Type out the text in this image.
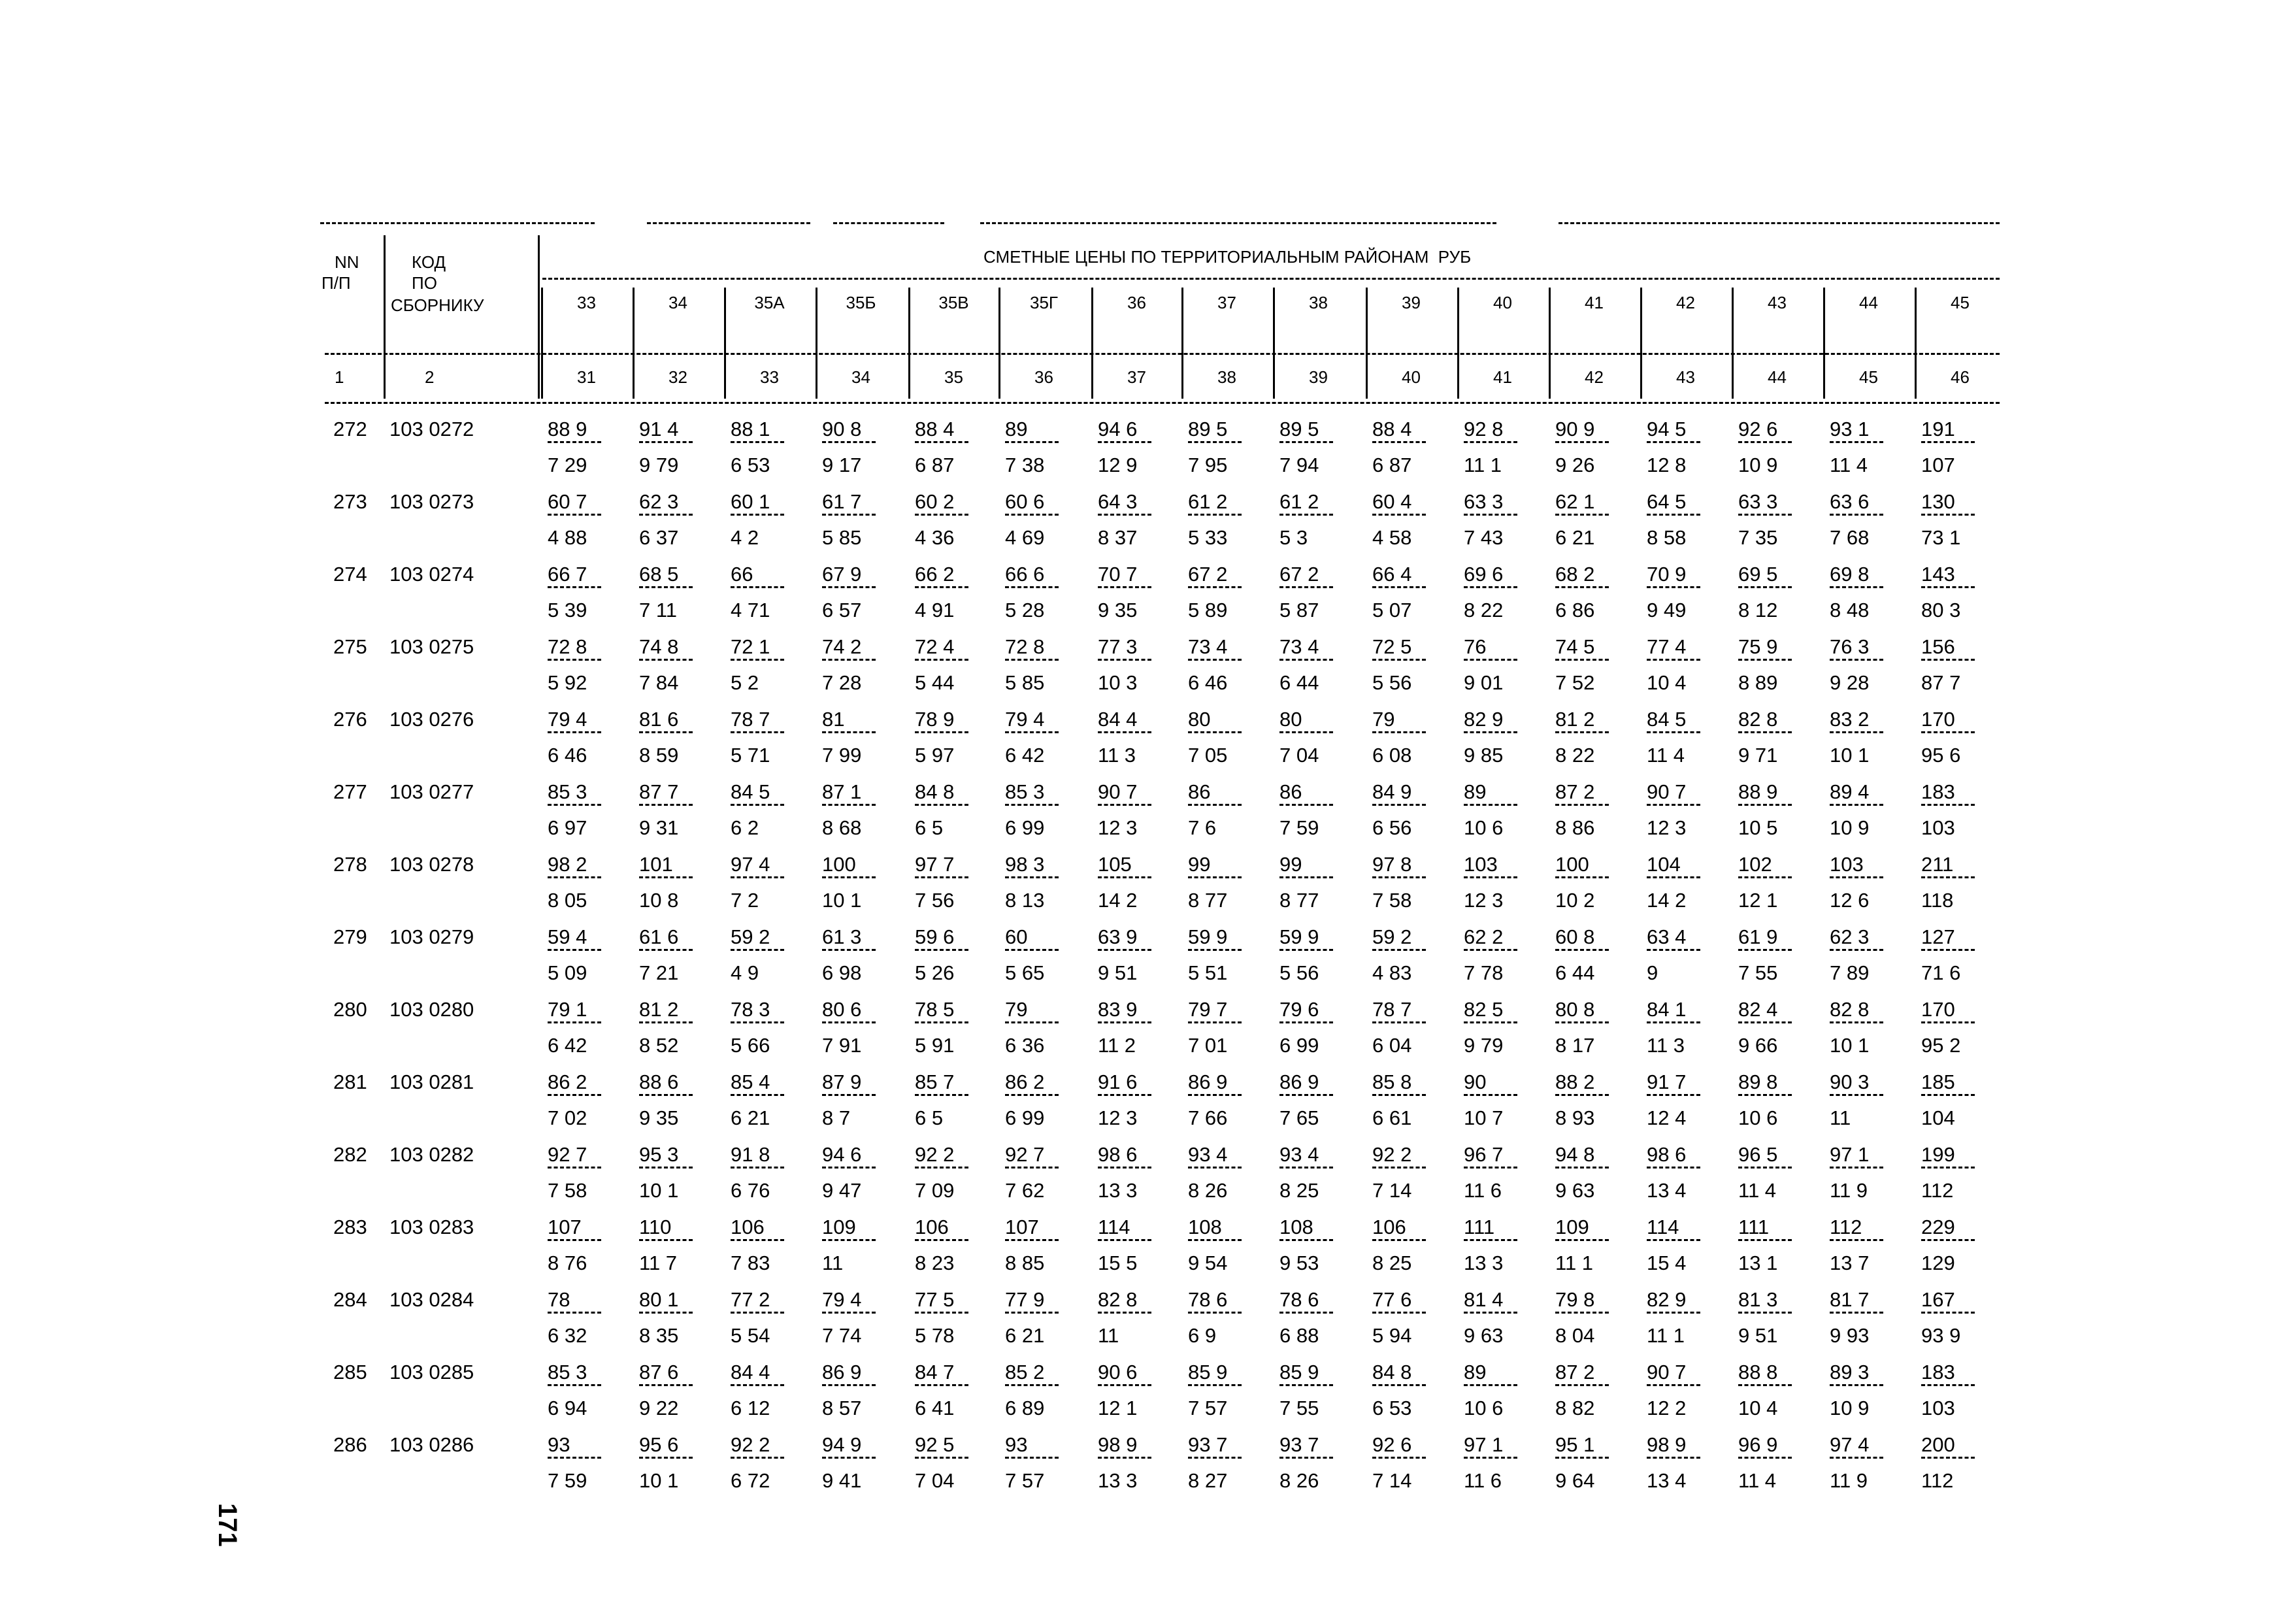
NN
П/П
КОД
ПО
СБОРНИКУ
СМЕТНЫЕ ЦЕНЫ ПО ТЕРРИТОРИАЛЬНЫМ РАЙОНАМ  РУБ
33	34	35А	35Б	35В	35Г	36	37	38	39	40	41	42	43	44	45
1	2	31	32	33	34	35	36	37	38	39	40	41	42	43	44	45	46
272 103 0272	88 9	91 4	88 1	90 8	88 4	89	94 6	89 5	89 5	88 4	92 8	90 9	94 5	92 6	93 1	191
7 29	9 79	6 53	9 17	6 87	7 38	12 9	7 95	7 94	6 87	11 1	9 26	12 8	10 9	11 4	107
273 103 0273	60 7	62 3	60 1	61 7	60 2	60 6	64 3	61 2	61 2	60 4	63 3	62 1	64 5	63 3	63 6	130
4 88	6 37	4 2	5 85	4 36	4 69	8 37	5 33	5 3	4 58	7 43	6 21	8 58	7 35	7 68	73 1
274 103 0274	66 7	68 5	66	67 9	66 2	66 6	70 7	67 2	67 2	66 4	69 6	68 2	70 9	69 5	69 8	143
5 39	7 11	4 71	6 57	4 91	5 28	9 35	5 89	5 87	5 07	8 22	6 86	9 49	8 12	8 48	80 3
275 103 0275	72 8	74 8	72 1	74 2	72 4	72 8	77 3	73 4	73 4	72 5	76	74 5	77 4	75 9	76 3	156
5 92	7 84	5 2	7 28	5 44	5 85	10 3	6 46	6 44	5 56	9 01	7 52	10 4	8 89	9 28	87 7
276 103 0276	79 4	81 6	78 7	81	78 9	79 4	84 4	80	80	79	82 9	81 2	84 5	82 8	83 2	170
6 46	8 59	5 71	7 99	5 97	6 42	11 3	7 05	7 04	6 08	9 85	8 22	11 4	9 71	10 1	95 6
277 103 0277	85 3	87 7	84 5	87 1	84 8	85 3	90 7	86	86	84 9	89	87 2	90 7	88 9	89 4	183
6 97	9 31	6 2	8 68	6 5	6 99	12 3	7 6	7 59	6 56	10 6	8 86	12 3	10 5	10 9	103
278 103 0278	98 2	101	97 4	100	97 7	98 3	105	99	99	97 8	103	100	104	102	103	211
8 05	10 8	7 2	10 1	7 56	8 13	14 2	8 77	8 77	7 58	12 3	10 2	14 2	12 1	12 6	118
279 103 0279	59 4	61 6	59 2	61 3	59 6	60	63 9	59 9	59 9	59 2	62 2	60 8	63 4	61 9	62 3	127
5 09	7 21	4 9	6 98	5 26	5 65	9 51	5 51	5 56	4 83	7 78	6 44	9	7 55	7 89	71 6
280 103 0280	79 1	81 2	78 3	80 6	78 5	79	83 9	79 7	79 6	78 7	82 5	80 8	84 1	82 4	82 8	170
6 42	8 52	5 66	7 91	5 91	6 36	11 2	7 01	6 99	6 04	9 79	8 17	11 3	9 66	10 1	95 2
281 103 0281	86 2	88 6	85 4	87 9	85 7	86 2	91 6	86 9	86 9	85 8	90	88 2	91 7	89 8	90 3	185
7 02	9 35	6 21	8 7	6 5	6 99	12 3	7 66	7 65	6 61	10 7	8 93	12 4	10 6	11	104
282 103 0282	92 7	95 3	91 8	94 6	92 2	92 7	98 6	93 4	93 4	92 2	96 7	94 8	98 6	96 5	97 1	199
7 58	10 1	6 76	9 47	7 09	7 62	13 3	8 26	8 25	7 14	11 6	9 63	13 4	11 4	11 9	112
283 103 0283	107	110	106	109	106	107	114	108	108	106	111	109	114	111	112	229
8 76	11 7	7 83	11	8 23	8 85	15 5	9 54	9 53	8 25	13 3	11 1	15 4	13 1	13 7	129
284 103 0284	78	80 1	77 2	79 4	77 5	77 9	82 8	78 6	78 6	77 6	81 4	79 8	82 9	81 3	81 7	167
6 32	8 35	5 54	7 74	5 78	6 21	11	6 9	6 88	5 94	9 63	8 04	11 1	9 51	9 93	93 9
285 103 0285	85 3	87 6	84 4	86 9	84 7	85 2	90 6	85 9	85 9	84 8	89	87 2	90 7	88 8	89 3	183
6 94	9 22	6 12	8 57	6 41	6 89	12 1	7 57	7 55	6 53	10 6	8 82	12 2	10 4	10 9	103
286 103 0286	93	95 6	92 2	94 9	92 5	93	98 9	93 7	93 7	92 6	97 1	95 1	98 9	96 9	97 4	200
7 59	10 1	6 72	9 41	7 04	7 57	13 3	8 27	8 26	7 14	11 6	9 64	13 4	11 4	11 9	112
171
